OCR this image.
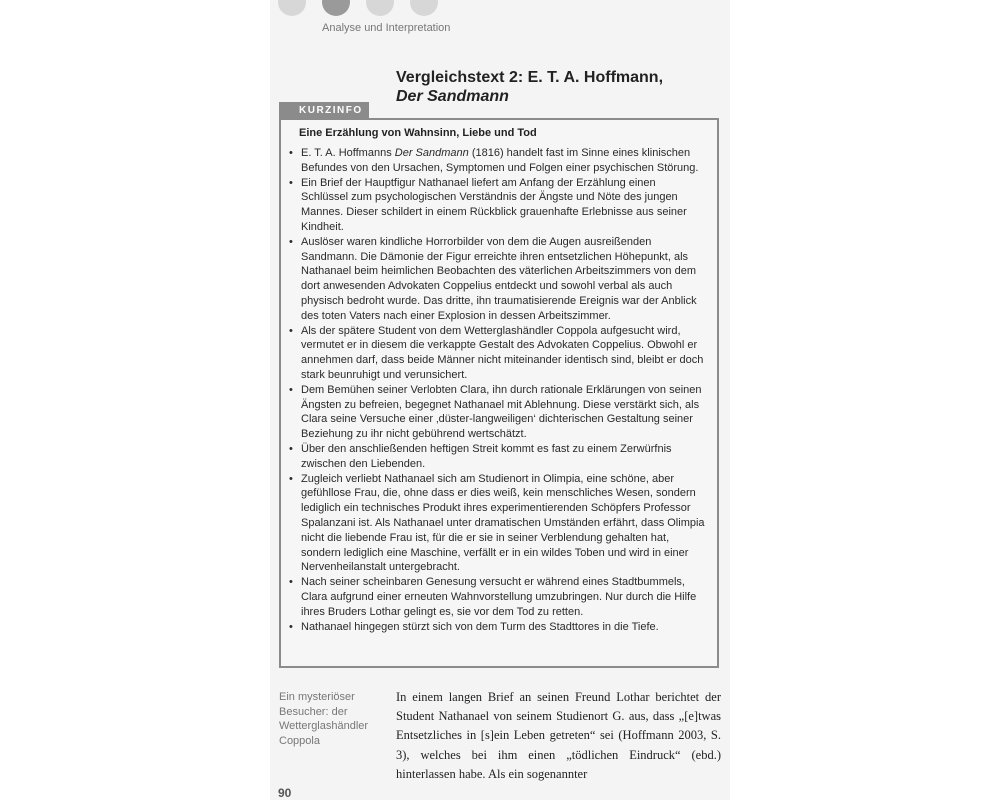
Analyse und Interpretation
Vergleichstext 2: E. T. A. Hoffmann,
Der Sandmann
KURZINFO
Eine Erzählung von Wahnsinn, Liebe und Tod
• E. T. A. Hoffmanns Der Sandmann (1816) handelt fast im Sinne eines klinischen Befundes von den Ursachen, Symptomen und Folgen einer psychischen Störung.
• Ein Brief der Hauptfigur Nathanael liefert am Anfang der Erzählung einen Schlüssel zum psychologischen Verständnis der Ängste und Nöte des jungen Mannes. Dieser schildert in einem Rückblick grauenhafte Erlebnisse aus seiner Kindheit.
• Auslöser waren kindliche Horrorbilder von dem die Augen ausreißenden Sandmann. Die Dämonie der Figur erreichte ihren entsetzlichen Höhepunkt, als Nathanael beim heimlichen Beobachten des väterlichen Arbeitszimmers von dem dort anwesenden Advokaten Coppelius entdeckt und sowohl verbal als auch physisch bedroht wurde. Das dritte, ihn traumatisierende Ereignis war der Anblick des toten Vaters nach einer Explosion in dessen Arbeitszimmer.
• Als der spätere Student von dem Wetterglashändler Coppola aufgesucht wird, vermutet er in diesem die verkappte Gestalt des Advokaten Coppelius. Obwohl er annehmen darf, dass beide Männer nicht miteinander identisch sind, bleibt er doch stark beunruhigt und verunsichert.
• Dem Bemühen seiner Verlobten Clara, ihn durch rationale Erklärungen von seinen Ängsten zu befreien, begegnet Nathanael mit Ablehnung. Diese verstärkt sich, als Clara seine Versuche einer ‚düster-langweiligen‘ dichterischen Gestaltung seiner Beziehung zu ihr nicht gebührend wertschätzt.
• Über den anschließenden heftigen Streit kommt es fast zu einem Zerwürfnis zwischen den Liebenden.
• Zugleich verliebt Nathanael sich am Studienort in Olimpia, eine schöne, aber gefühllose Frau, die, ohne dass er dies weiß, kein menschliches Wesen, sondern lediglich ein technisches Produkt ihres experimentierenden Schöpfers Professor Spalanzani ist. Als Nathanael unter dramatischen Umständen erfährt, dass Olimpia nicht die liebende Frau ist, für die er sie in seiner Verblendung gehalten hat, sondern lediglich eine Maschine, verfällt er in ein wildes Toben und wird in einer Nervenheilanstalt untergebracht.
• Nach seiner scheinbaren Genesung versucht er während eines Stadtbummels, Clara aufgrund einer erneuten Wahnvorstellung umzubringen. Nur durch die Hilfe ihres Bruders Lothar gelingt es, sie vor dem Tod zu retten.
• Nathanael hingegen stürzt sich von dem Turm des Stadttores in die Tiefe.
Ein mysteriöser Besucher: der Wetterglashändler Coppola
In einem langen Brief an seinen Freund Lothar berichtet der Student Nathanael von seinem Studienort G. aus, dass „[e]twas Entsetzliches in [s]ein Leben getreten“ sei (Hoffmann 2003, S. 3), welches bei ihm einen „tödlichen Eindruck“ (ebd.) hinterlassen habe. Als ein sogenannter
90
